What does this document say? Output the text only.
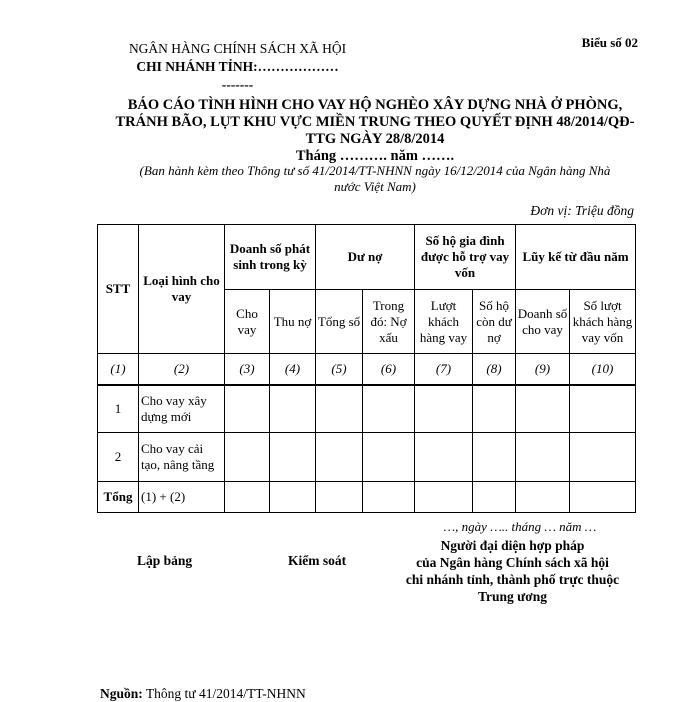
Biểu số 02
NGÂN HÀNG CHÍNH SÁCH XÃ HỘI
CHI NHÁNH TỈNH:………………
-------
BÁO CÁO TÌNH HÌNH CHO VAY HỘ NGHÈO XÂY DỰNG NHÀ Ở PHÒNG,
TRÁNH BÃO, LỤT KHU VỰC MIỀN TRUNG THEO QUYẾT ĐỊNH 48/2014/QĐ-
TTG NGÀY 28/8/2014
Tháng ………. năm …….
(Ban hành kèm theo Thông tư số 41/2014/TT-NHNN ngày 16/12/2014 của Ngân hàng Nhà
nước Việt Nam)
Đơn vị: Triệu đồng
STT	Loại hình cho vay	Doanh số phát sinh trong kỳ		Dư nợ		Số hộ gia đình được hỗ trợ vay vốn		Lũy kế từ đầu năm	
		Cho vay	Thu nợ	Tổng số	Trong đó: Nợ xấu	Lượt khách hàng vay	Số hộ còn dư nợ	Doanh số cho vay	Số lượt khách hàng vay vốn
(1)	(2)	(3)	(4)	(5)	(6)	(7)	(8)	(9)	(10)
1	Cho vay xây dựng mới								
2	Cho vay cải tạo, nâng tầng								
Tổng	(1) + (2)								
…, ngày ….. tháng … năm …
Lập bảng	Kiểm soát
Người đại diện hợp pháp
của Ngân hàng Chính sách xã hội
chi nhánh tỉnh, thành phố trực thuộc
Trung ương
Nguồn: Thông tư 41/2014/TT-NHNN
